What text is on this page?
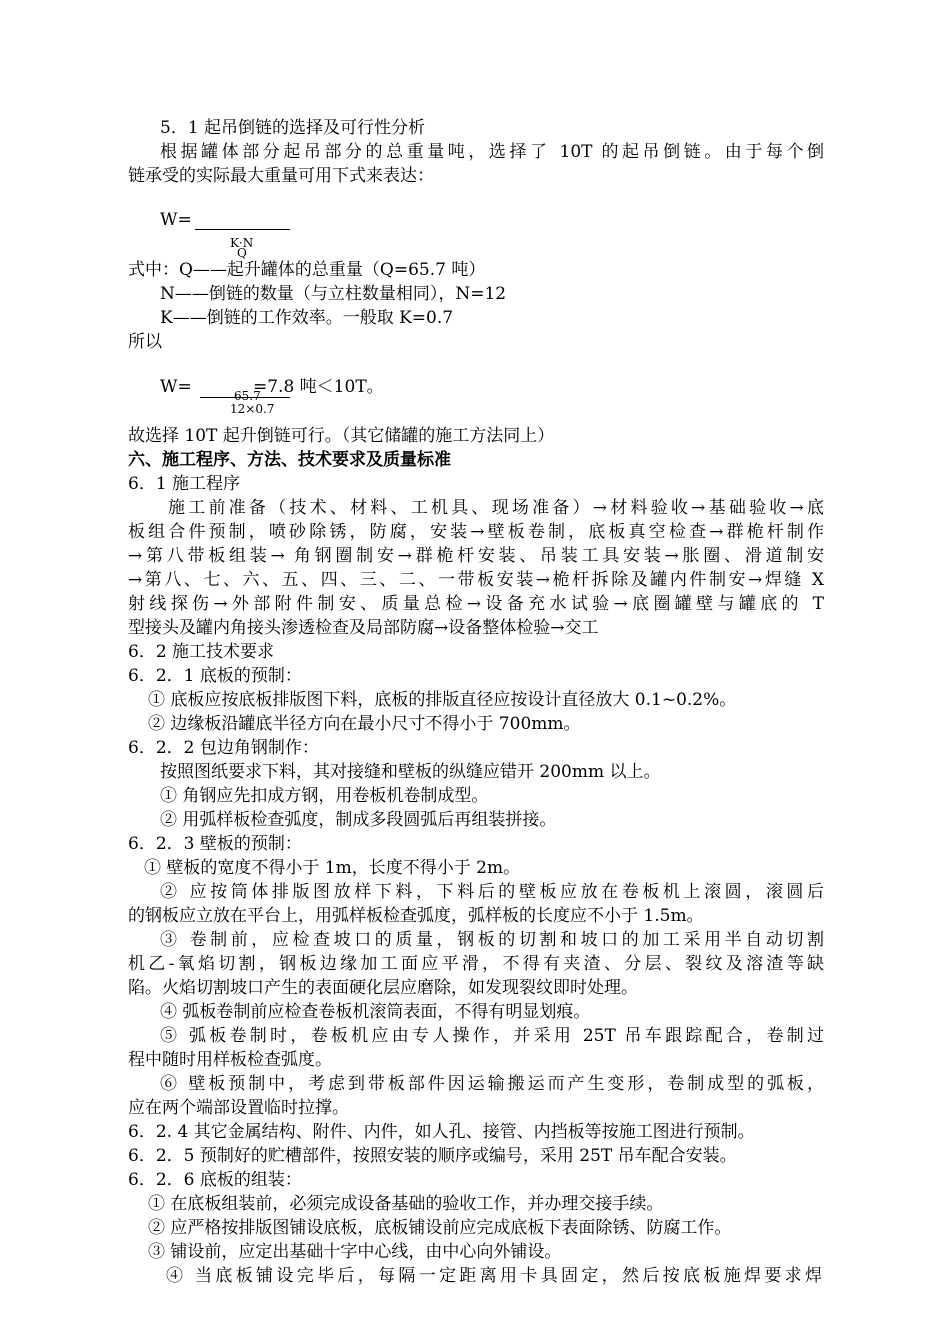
5．1 起吊倒链的选择及可行性分析
根据罐体部分起吊部分的总重量吨，选择了 10T 的起吊倒链。由于每个倒
链承受的实际最大重量可用下式来表达：
W=
K·N
Q
式中：Q——起升罐体的总重量（Q=65.7 吨）
N——倒链的数量（与立柱数量相同），N=12
K——倒链的工作效率。一般取 K=0.7
所以
W=	65.7
=7.8 吨＜10T。
12×0.7
故选择 10T 起升倒链可行。（其它储罐的施工方法同上）
六、施工程序、方法、技术要求及质量标准
6．1 施工程序
施工前准备（技术、材料、工机具、现场准备）→材料验收→基础验收→底
板组合件预制，喷砂除锈，防腐，安装→壁板卷制，底板真空检查→群桅杆制作
→第八带板组装→ 角钢圈制安→群桅杆安装、吊装工具安装→胀圈、滑道制安
→第八、七、六、五、四、三、二、一带板安装→桅杆拆除及罐内件制安→焊缝 X
射线探伤→外部附件制安、质量总检→设备充水试验→底圈罐壁与罐底的 T
型接头及罐内角接头渗透检查及局部防腐→设备整体检验→交工
6．2 施工技术要求
6．2．1 底板的预制：
① 底板应按底板排版图下料，底板的排版直径应按设计直径放大 0.1~0.2%。
② 边缘板沿罐底半径方向在最小尺寸不得小于 700mm。
6．2．2 包边角钢制作：
按照图纸要求下料，其对接缝和壁板的纵缝应错开 200mm 以上。
① 角钢应先扣成方钢，用卷板机卷制成型。
② 用弧样板检查弧度，制成多段圆弧后再组装拼接。
6．2．3 壁板的预制：
① 壁板的宽度不得小于 1m，长度不得小于 2m。
② 应按筒体排版图放样下料，下料后的壁板应放在卷板机上滚圆，滚圆后
的钢板应立放在平台上，用弧样板检查弧度，弧样板的长度应不小于 1.5m。
③ 卷制前，应检查坡口的质量，钢板的切割和坡口的加工采用半自动切割
机乙-氧焰切割，钢板边缘加工面应平滑，不得有夹渣、分层、裂纹及溶渣等缺
陷。火焰切割坡口产生的表面硬化层应磨除，如发现裂纹即时处理。
④ 弧板卷制前应检查卷板机滚筒表面，不得有明显划痕。
⑤ 弧板卷制时，卷板机应由专人操作，并采用 25T 吊车跟踪配合，卷制过
程中随时用样板检查弧度。
⑥ 壁板预制中，考虑到带板部件因运输搬运而产生变形，卷制成型的弧板，
应在两个端部设置临时拉撑。
6．2. 4 其它金属结构、附件、内件，如人孔、接管、内挡板等按施工图进行预制。
6．2．5 预制好的贮槽部件，按照安装的顺序或编号，采用 25T 吊车配合安装。
6．2．6 底板的组装：
① 在底板组装前，必须完成设备基础的验收工作，并办理交接手续。
② 应严格按排版图铺设底板，底板铺设前应完成底板下表面除锈、防腐工作。
③ 铺设前，应定出基础十字中心线，由中心向外铺设。
④ 当底板铺设完毕后，每隔一定距离用卡具固定，然后按底板施焊要求焊
